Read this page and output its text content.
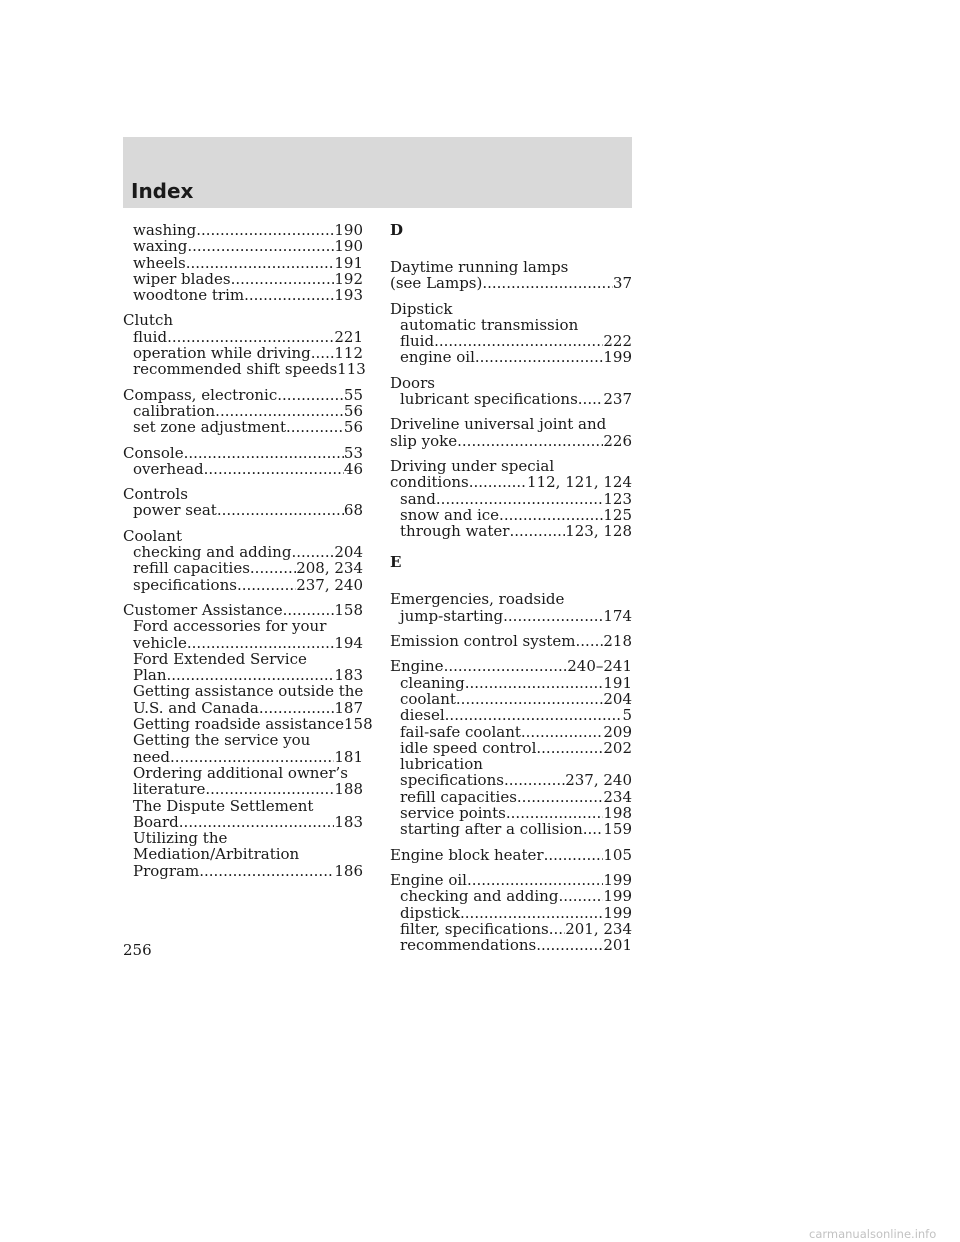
Index
washing .....	190
waxing .....	190
wheels .....	191
wiper blades .....	192
woodtone trim .....	193
Clutch
fluid .....	221
operation while driving ..... 112
recommended shift speeds 113
Compass, electronic .....	55
calibration .....	56
set zone adjustment .....	56
Console .....	53
overhead .....	46
Controls
power seat .....	68
Coolant
checking and adding .....	204
refill capacities .....	208, 234
specifications .....	237, 240
Customer Assistance .....	158
Ford accessories for your
vehicle .....	194
Ford Extended Service
Plan .....	183
Getting assistance outside the
U.S. and Canada .....	187
Getting roadside assistance 158
Getting the service you
need .....	181
Ordering additional owner’s
literature .....	188
The Dispute Settlement
Board .....	183
Utilizing the
Mediation/Arbitration
Program .....	186
D
Daytime running lamps
(see Lamps) .....	37
Dipstick
automatic transmission
fluid .....	222
engine oil .....	199
Doors
lubricant specifications ..... 237
Driveline universal joint and
slip yoke .....	226
Driving under special
conditions .....	112, 121, 124
sand .....	123
snow and ice .....	125
through water .....	123, 128
E
Emergencies, roadside
jump-starting .....	174
Emission control system ..... 218
Engine .....	240–241
cleaning .....	191
coolant .....	204
diesel .....	5
fail-safe coolant .....	209
idle speed control .....	202
lubrication
specifications .....	237, 240
refill capacities .....	234
service points .....	198
starting after a collision ..... 159
Engine block heater .....	105
Engine oil .....	199
checking and adding .....	199
dipstick .....	199
filter, specifications ..... 201, 234
recommendations .....	201
256
carmanualsonline.info
